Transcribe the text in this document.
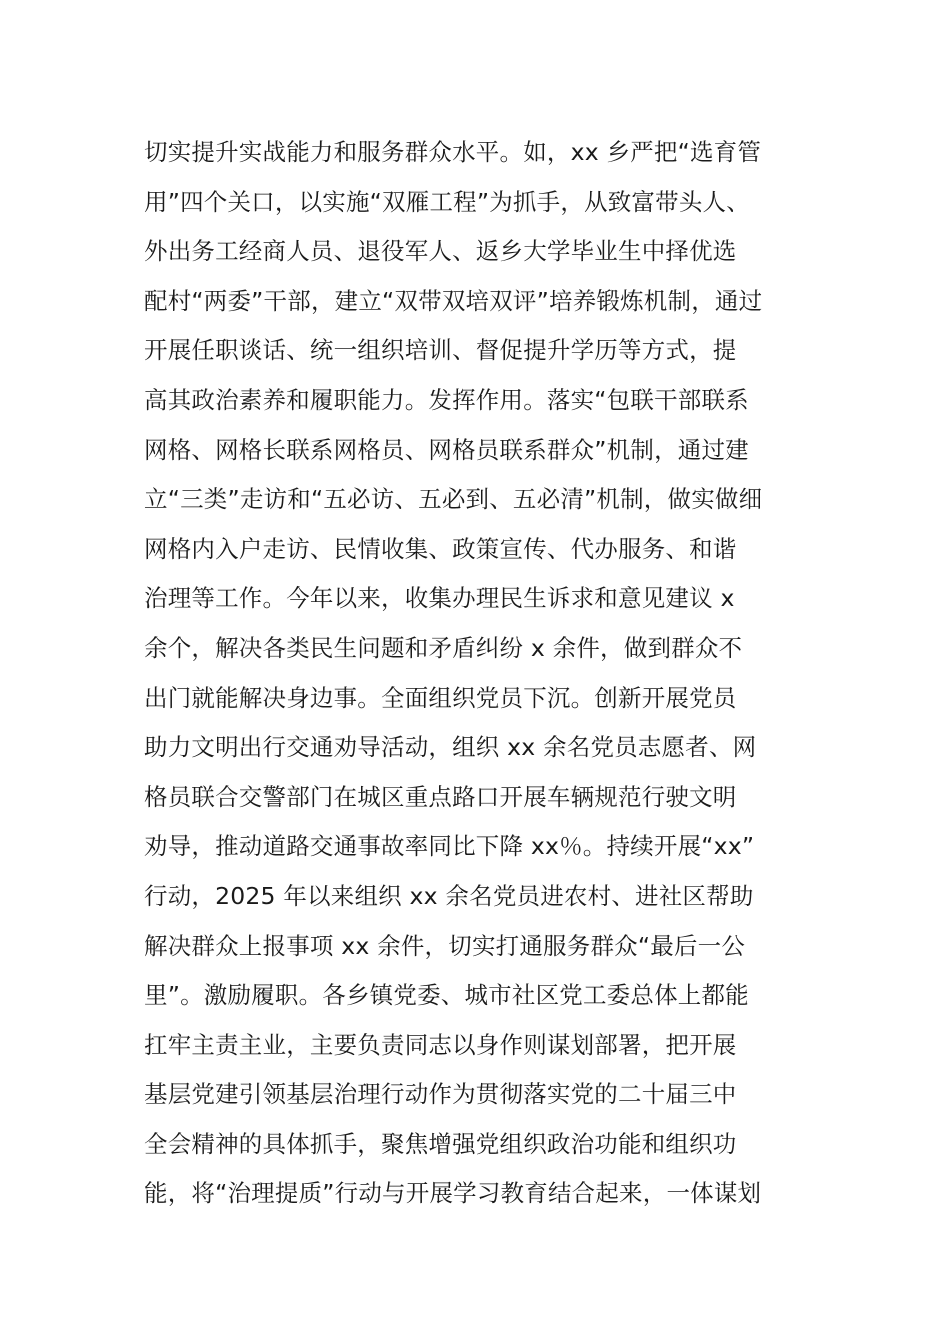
切实提升实战能力和服务群众水平。如，xx 乡严把“选育管
用”四个关口，以实施“双雁工程”为抓手，从致富带头人、
外出务工经商人员、退役军人、返乡大学毕业生中择优选
配村“两委”干部，建立“双带双培双评”培养锻炼机制，通过
开展任职谈话、统一组织培训、督促提升学历等方式，提
高其政治素养和履职能力。发挥作用。落实“包联干部联系
网格、网格长联系网格员、网格员联系群众”机制，通过建
立“三类”走访和“五必访、五必到、五必清”机制，做实做细
网格内入户走访、民情收集、政策宣传、代办服务、和谐
治理等工作。今年以来，收集办理民生诉求和意见建议 x
余个，解决各类民生问题和矛盾纠纷 x 余件，做到群众不
出门就能解决身边事。全面组织党员下沉。创新开展党员
助力文明出行交通劝导活动，组织 xx 余名党员志愿者、网
格员联合交警部门在城区重点路口开展车辆规范行驶文明
劝导，推动道路交通事故率同比下降 xx％。持续开展“xx”
行动，2025 年以来组织 xx 余名党员进农村、进社区帮助
解决群众上报事项 xx 余件，切实打通服务群众“最后一公
里”。激励履职。各乡镇党委、城市社区党工委总体上都能
扛牢主责主业，主要负责同志以身作则谋划部署，把开展
基层党建引领基层治理行动作为贯彻落实党的二十届三中
全会精神的具体抓手，聚焦增强党组织政治功能和组织功
能，将“治理提质”行动与开展学习教育结合起来，一体谋划
